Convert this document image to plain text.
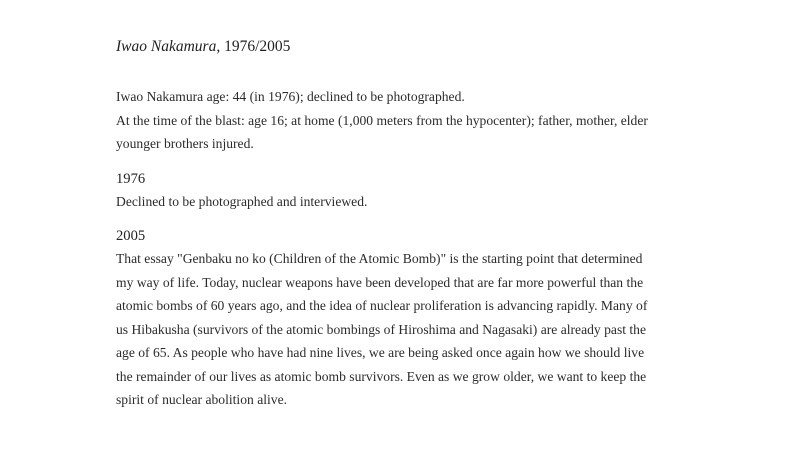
Iwao Nakamura, 1976/2005

Iwao Nakamura age: 44 (in 1976); declined to be photographed.

At the time of the blast: age 16; at home (1,000 meters from the hypocenter); father, mother, elder

younger brothers injured.

1976

Declined to be photographed and interviewed.

2005

That essay "Genbaku no ko (Children of the Atomic Bomb)" is the starting point that determined

my way of life. Today, nuclear weapons have been developed that are far more powerful than the

atomic bombs of 60 years ago, and the idea of nuclear proliferation is advancing rapidly. Many of

us Hibakusha (survivors of the atomic bombings of Hiroshima and Nagasaki) are already past the

age of 65. As people who have had nine lives, we are being asked once again how we should live

the remainder of our lives as atomic bomb survivors. Even as we grow older, we want to keep the

spirit of nuclear abolition alive.
